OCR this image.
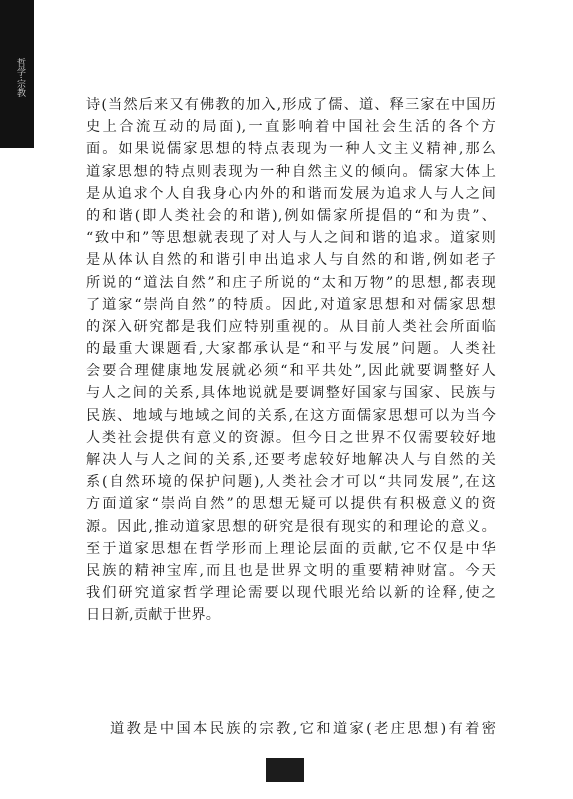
哲学·宗教
诗(当然后来又有佛教的加入,形成了儒、道、释三家在中国历
史上合流互动的局面),一直影响着中国社会生活的各个方
面。如果说儒家思想的特点表现为一种人文主义精神,那么
道家思想的特点则表现为一种自然主义的倾向。儒家大体上
是从追求个人自我身心内外的和谐而发展为追求人与人之间
的和谐(即人类社会的和谐),例如儒家所提倡的“和为贵”、
“致中和”等思想就表现了对人与人之间和谐的追求。道家则
是从体认自然的和谐引申出追求人与自然的和谐,例如老子
所说的“道法自然”和庄子所说的“太和万物”的思想,都表现
了道家“崇尚自然”的特质。因此,对道家思想和对儒家思想
的深入研究都是我们应特别重视的。从目前人类社会所面临
的最重大课题看,大家都承认是“和平与发展”问题。人类社
会要合理健康地发展就必须“和平共处”,因此就要调整好人
与人之间的关系,具体地说就是要调整好国家与国家、民族与
民族、地域与地域之间的关系,在这方面儒家思想可以为当今
人类社会提供有意义的资源。但今日之世界不仅需要较好地
解决人与人之间的关系,还要考虑较好地解决人与自然的关
系(自然环境的保护问题),人类社会才可以“共同发展”,在这
方面道家“崇尚自然”的思想无疑可以提供有积极意义的资
源。因此,推动道家思想的研究是很有现实的和理论的意义。
至于道家思想在哲学形而上理论层面的贡献,它不仅是中华
民族的精神宝库,而且也是世界文明的重要精神财富。今天
我们研究道家哲学理论需要以现代眼光给以新的诠释,使之
日日新,贡献于世界。
道教是中国本民族的宗教,它和道家(老庄思想)有着密
